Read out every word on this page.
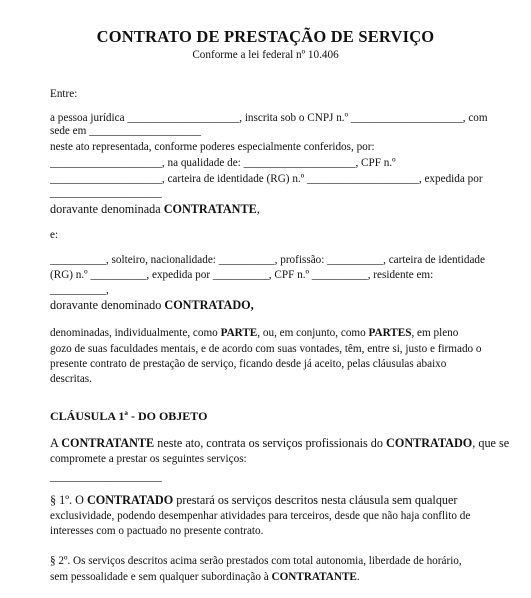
CONTRATO DE PRESTAÇÃO DE SERVIÇO
Conforme a lei federal nº 10.406
Entre:
a pessoa jurídica ____________________, inscrita sob o CNPJ n.º ____________________, com
sede em ____________________
neste ato representada, conforme poderes especialmente conferidos, por:
____________________, na qualidade de: ____________________, CPF n.º
____________________, carteira de identidade (RG) n.º ____________________, expedida por
____________________
doravante denominada CONTRATANTE,
e:
__________, solteiro, nacionalidade: __________, profissão: __________, carteira de identidade
(RG) n.º __________, expedida por __________, CPF n.º __________, residente em:
__________,
doravante denominado CONTRATADO,
denominadas, individualmente, como PARTE, ou, em conjunto, como PARTES, em pleno
gozo de suas faculdades mentais, e de acordo com suas vontades, têm, entre si, justo e firmado o
presente contrato de prestação de serviço, ficando desde já aceito, pelas cláusulas abaixo
descritas.
CLÁUSULA 1ª - DO OBJETO
A CONTRATANTE neste ato, contrata os serviços profissionais do CONTRATADO, que se
compromete a prestar os seguintes serviços:
____________________
§ 1º. O CONTRATADO prestará os serviços descritos nesta cláusula sem qualquer
exclusividade, podendo desempenhar atividades para terceiros, desde que não haja conflito de
interesses com o pactuado no presente contrato.
§ 2º. Os serviços descritos acima serão prestados com total autonomia, liberdade de horário,
sem pessoalidade e sem qualquer subordinação à CONTRATANTE.
